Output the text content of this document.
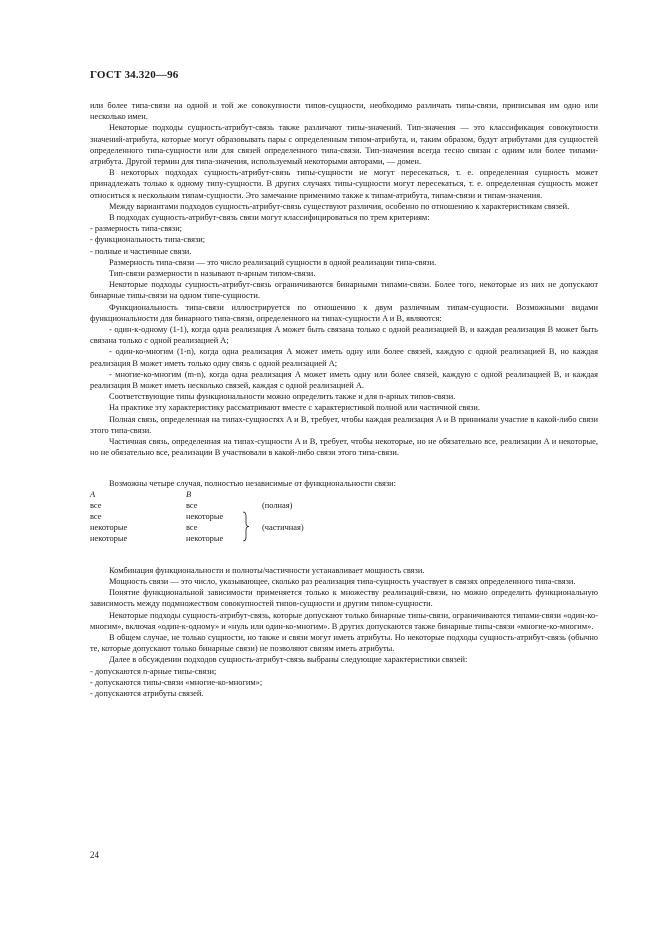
ГОСТ 34.320—96

или более типа-связи на одной и той же совокупности типов-сущности, необходимо различать типы-связи, приписывая им одно или несколько имен.

Некоторые подходы сущность-атрибут-связь также различают типы-значений. Тип-значения — это классификация совокупности значений-атрибута, которые могут образовывать пары с определенным типом-атрибута, и, таким образом, будут атрибутами для сущностей определенного типа-сущности или для связей определенного типа-связи. Тип-значения всегда тесно связан с одним или более типами-атрибута. Другой термин для типа-значения, используемый некоторыми авторами, — домен.

В некоторых подходах сущность-атрибут-связь типы-сущности не могут пересекаться, т. е. определенная сущность может принадлежать только к одному типу-сущности. В других случаях типы-сущности могут пересекаться, т. е. определенная сущность может относиться к нескольким типам-сущности. Это замечание применимо также к типам-атрибута, типам-связи и типам-значения.

Между вариантами подходов сущность-атрибут-связь существуют различия, особенно по отношению к характеристикам связей.

В подходах сущность-атрибут-связь связи могут классифицироваться по трем критериям:

- размерность типа-связи;

- функциональность типа-связи;

- полные и частичные связи.

Размерность типа-связи — это число реализаций сущности в одной реализации типа-связи.

Тип-связи размерности n называют n-арным типом-связи.

Некоторые подходы сущность-атрибут-связь ограничиваются бинарными типами-связи. Более того, некоторые из них не допускают бинарные типы-связи на одном типе-сущности.

Функциональность типа-связи иллюстрируется по отношению к двум различным типам-сущности. Возможными видами функциональности для бинарного типа-связи, определенного на типах-сущности A и B, являются:

- один-к-одному (1-1), когда одна реализация A может быть связана только с одной реализацией B, и каждая реализация B может быть связана только с одной реализацией A;

- один-ко-многим (1-n), когда одна реализация A может иметь одну или более связей, каждую с одной реализацией B, но каждая реализация B может иметь только одну связь с одной реализацией A;

- многие-ко-многим (m-n), когда одна реализация A может иметь одну или более связей, каждую с одной реализацией B, и каждая реализация B может иметь несколько связей, каждая с одной реализацией A.

Соответствующие типы функциональности можно определить также и для n-арных типов-связи.

На практике эту характеристику рассматривают вместе с характеристикой полной или частичной связи.

Полная связь, определенная на типах-сущностях A и B, требует, чтобы каждая реализация A и B принимали участие в какой-либо связи этого типа-связи.

Частичная связь, определенная на типах-сущности A и B, требует, чтобы некоторые, но не обязательно все, реализации A и некоторые, но не обязательно все, реализации B участвовали в какой-либо связи этого типа-связи.

Возможны четыре случая, полностью независимые от функциональности связи:

A	B
все	все	(полная)
все	некоторые
некоторые	все	(частичная)
некоторые	некоторые

Комбинация функциональности и полноты/частичности устанавливает мощность связи.

Мощность связи — это число, указывающее, сколько раз реализация типа-сущность участвует в связях определенного типа-связи.

Понятие функциональной зависимости применяется только к множеству реализаций-связи, но можно определить функциональную зависимость между подмножеством совокупностей типов-сущности и другим типом-сущности.

Некоторые подходы сущность-атрибут-связь, которые допускают только бинарные типы-связи, ограничиваются типами-связи «один-ко-многим», включая «один-к-одному» и «нуль или один-ко-многим». В других допускаются также бинарные типы-связи «многие-ко-многим».

В общем случае, не только сущности, но также и связи могут иметь атрибуты. Но некоторые подходы сущность-атрибут-связь (обычно те, которые допускают только бинарные связи) не позволяют связям иметь атрибуты.

Далее в обсуждении подходов сущность-атрибут-связь выбраны следующие характеристики связей:

- допускаются n-арные типы-связи;

- допускаются типы-связи «многие-ко-многим»;

- допускаются атрибуты связей.

24
